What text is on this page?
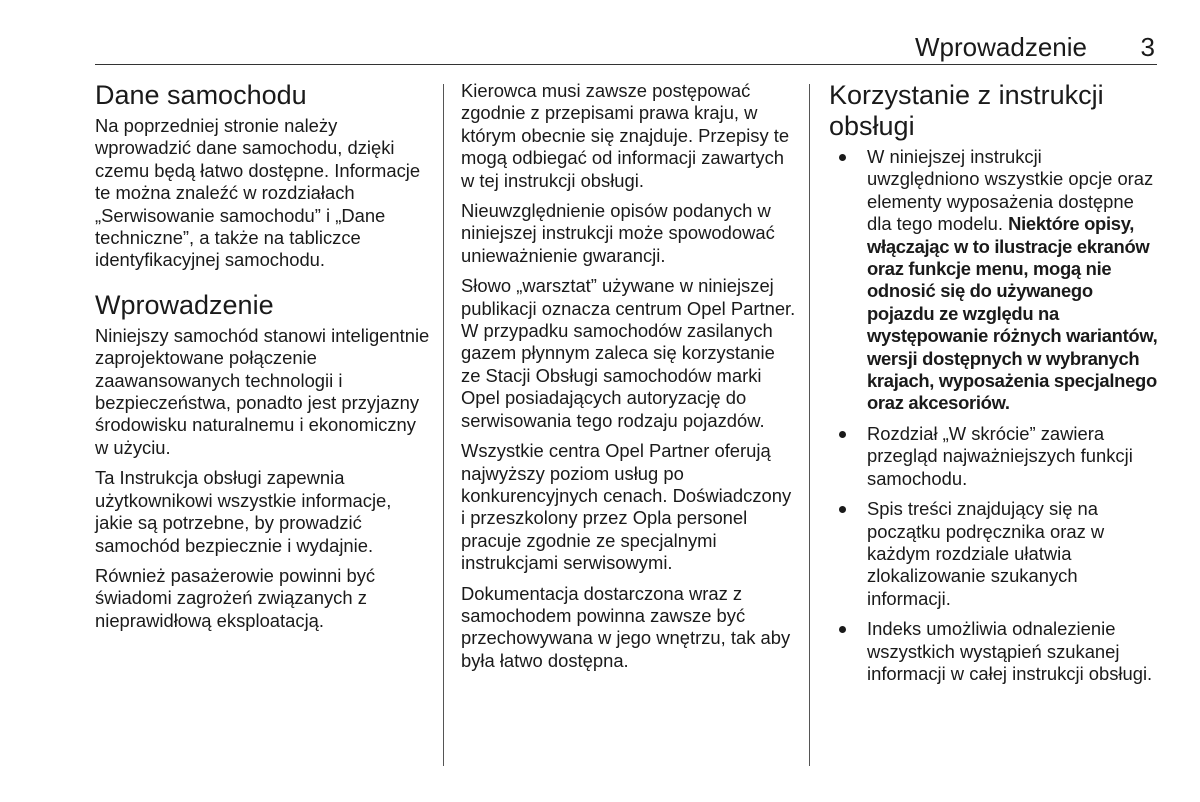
Wprowadzenie 3
Dane samochodu

Na poprzedniej stronie należy wprowadzić dane samochodu, dzięki czemu będą łatwo dostępne. Informacje te można znaleźć w rozdziałach „Serwisowanie samochodu” i „Dane techniczne”, a także na tabliczce identyfikacyjnej samochodu.

Wprowadzenie

Niniejszy samochód stanowi inteligentnie zaprojektowane połączenie zaawansowanych technologii i bezpieczeństwa, ponadto jest przyjazny środowisku naturalnemu i ekonomiczny w użyciu.

Ta Instrukcja obsługi zapewnia użytkownikowi wszystkie informacje, jakie są potrzebne, by prowadzić samochód bezpiecznie i wydajnie.

Również pasażerowie powinni być świadomi zagrożeń związanych z nieprawidłową eksploatacją.

Kierowca musi zawsze postępować zgodnie z przepisami prawa kraju, w którym obecnie się znajduje. Przepisy te mogą odbiegać od informacji zawartych w tej instrukcji obsługi.

Nieuwzględnienie opisów podanych w niniejszej instrukcji może spowodować unieważnienie gwarancji.

Słowo „warsztat” używane w niniejszej publikacji oznacza centrum Opel Partner. W przypadku samochodów zasilanych gazem płynnym zaleca się korzystanie ze Stacji Obsługi samochodów marki Opel posiadających autoryzację do serwisowania tego rodzaju pojazdów.

Wszystkie centra Opel Partner oferują najwyższy poziom usług po konkurencyjnych cenach. Doświadczony i przeszkolony przez Opla personel pracuje zgodnie ze specjalnymi instrukcjami serwisowymi.

Dokumentacja dostarczona wraz z samochodem powinna zawsze być przechowywana w jego wnętrzu, tak aby była łatwo dostępna.

Korzystanie z instrukcji obsługi
W niniejszej instrukcji uwzględniono wszystkie opcje oraz elementy wyposażenia dostępne dla tego modelu. Niektóre opisy, włączając w to ilustracje ekranów oraz funkcje menu, mogą nie odnosić się do używanego pojazdu ze względu na występowanie różnych wariantów, wersji dostępnych w wybranych krajach, wyposażenia specjalnego oraz akcesoriów.
Rozdział „W skrócie” zawiera przegląd najważniejszych funkcji samochodu.
Spis treści znajdujący się na początku podręcznika oraz w każdym rozdziale ułatwia zlokalizowanie szukanych informacji.
Indeks umożliwia odnalezienie wszystkich wystąpień szukanej informacji w całej instrukcji obsługi.
